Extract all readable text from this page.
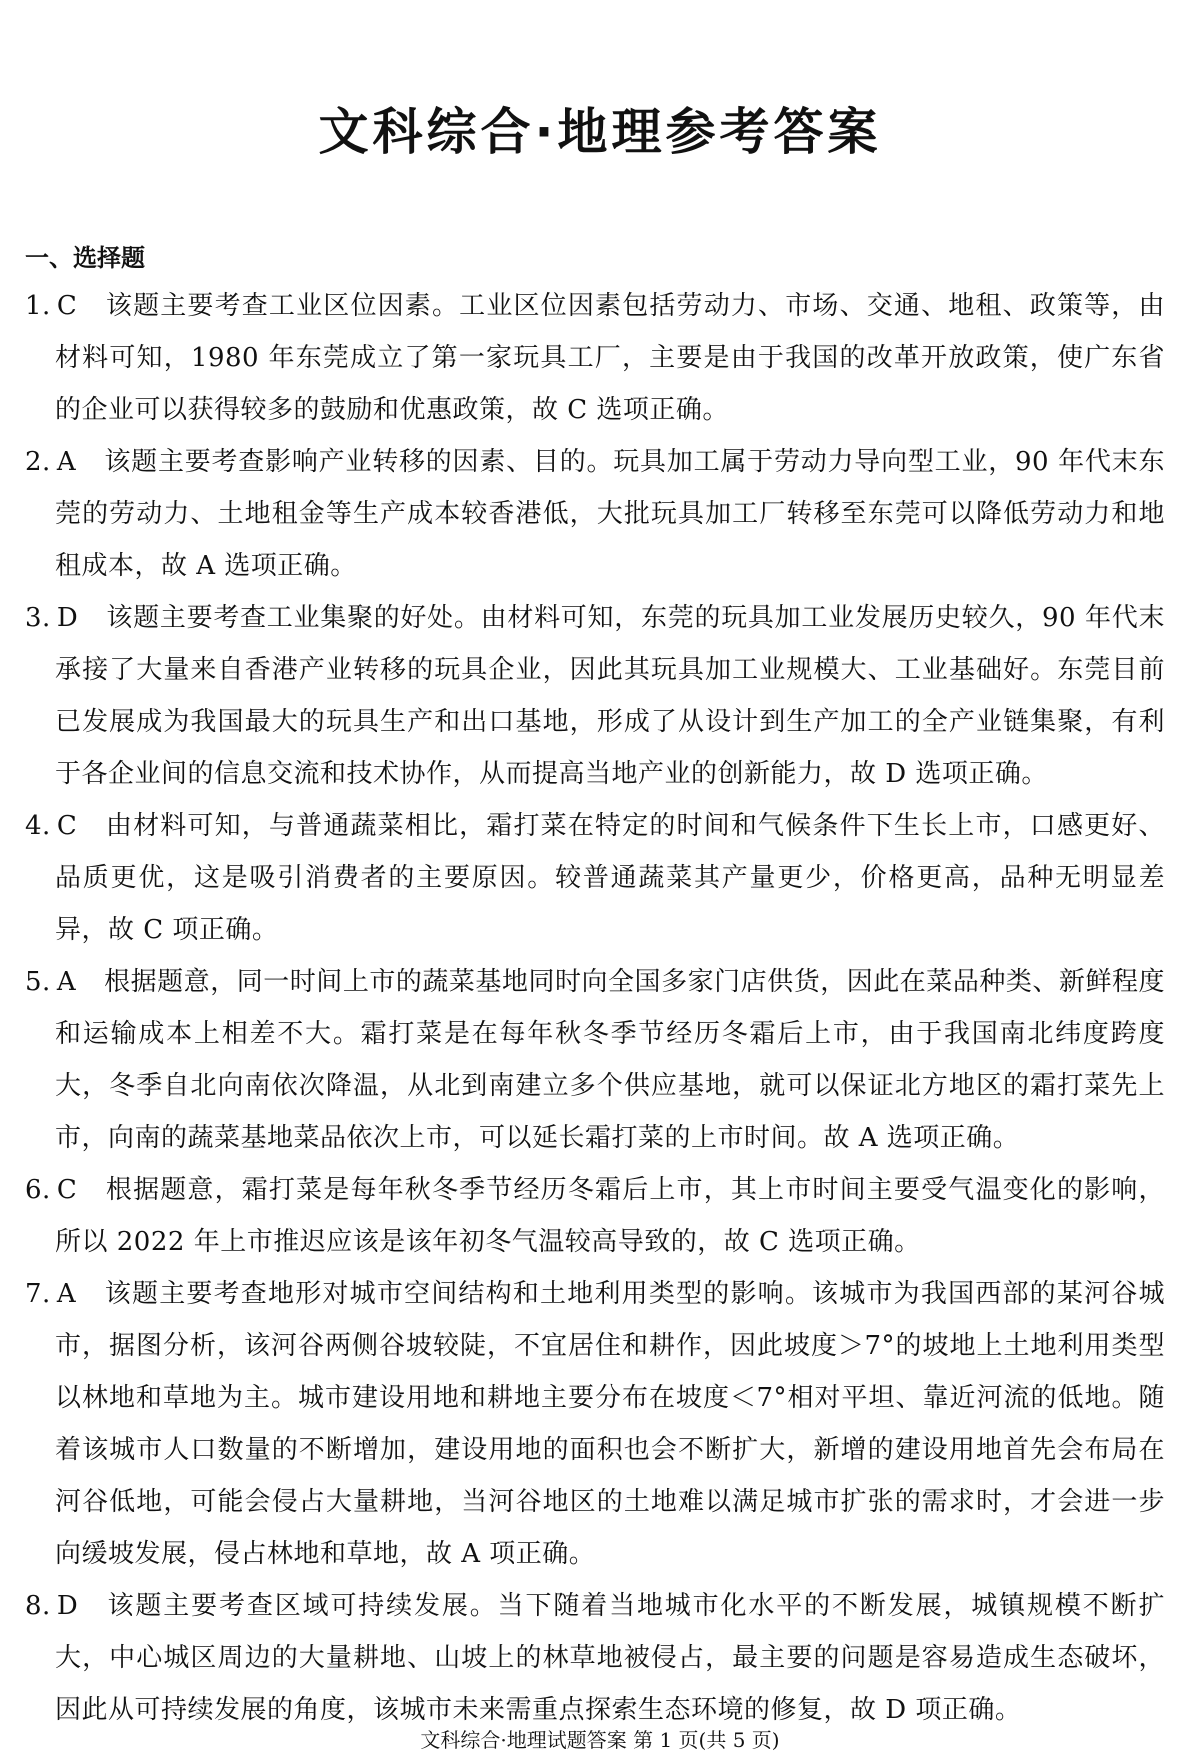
文科综合·地理参考答案
一、选择题
1. C 该题主要考查工业区位因素。工业区位因素包括劳动力、市场、交通、地租、政策等，由材料可知，1980 年东莞成立了第一家玩具工厂，主要是由于我国的改革开放政策，使广东省的企业可以获得较多的鼓励和优惠政策，故 C 选项正确。
2. A 该题主要考查影响产业转移的因素、目的。玩具加工属于劳动力导向型工业，90 年代末东莞的劳动力、土地租金等生产成本较香港低，大批玩具加工厂转移至东莞可以降低劳动力和地租成本，故 A 选项正确。
3. D 该题主要考查工业集聚的好处。由材料可知，东莞的玩具加工业发展历史较久，90 年代末承接了大量来自香港产业转移的玩具企业，因此其玩具加工业规模大、工业基础好。东莞目前已发展成为我国最大的玩具生产和出口基地，形成了从设计到生产加工的全产业链集聚，有利于各企业间的信息交流和技术协作，从而提高当地产业的创新能力，故 D 选项正确。
4. C 由材料可知，与普通蔬菜相比，霜打菜在特定的时间和气候条件下生长上市，口感更好、品质更优，这是吸引消费者的主要原因。较普通蔬菜其产量更少，价格更高，品种无明显差异，故 C 项正确。
5. A 根据题意，同一时间上市的蔬菜基地同时向全国多家门店供货，因此在菜品种类、新鲜程度和运输成本上相差不大。霜打菜是在每年秋冬季节经历冬霜后上市，由于我国南北纬度跨度大，冬季自北向南依次降温，从北到南建立多个供应基地，就可以保证北方地区的霜打菜先上市，向南的蔬菜基地菜品依次上市，可以延长霜打菜的上市时间。故 A 选项正确。
6. C 根据题意，霜打菜是每年秋冬季节经历冬霜后上市，其上市时间主要受气温变化的影响，所以 2022 年上市推迟应该是该年初冬气温较高导致的，故 C 选项正确。
7. A 该题主要考查地形对城市空间结构和土地利用类型的影响。该城市为我国西部的某河谷城市，据图分析，该河谷两侧谷坡较陡，不宜居住和耕作，因此坡度＞7°的坡地上土地利用类型以林地和草地为主。城市建设用地和耕地主要分布在坡度＜7°相对平坦、靠近河流的低地。随着该城市人口数量的不断增加，建设用地的面积也会不断扩大，新增的建设用地首先会布局在河谷低地，可能会侵占大量耕地，当河谷地区的土地难以满足城市扩张的需求时，才会进一步向缓坡发展，侵占林地和草地，故 A 项正确。
8. D 该题主要考查区域可持续发展。当下随着当地城市化水平的不断发展，城镇规模不断扩大，中心城区周边的大量耕地、山坡上的林草地被侵占，最主要的问题是容易造成生态破坏，因此从可持续发展的角度，该城市未来需重点探索生态环境的修复，故 D 项正确。
文科综合·地理试题答案 第 1 页(共 5 页)
